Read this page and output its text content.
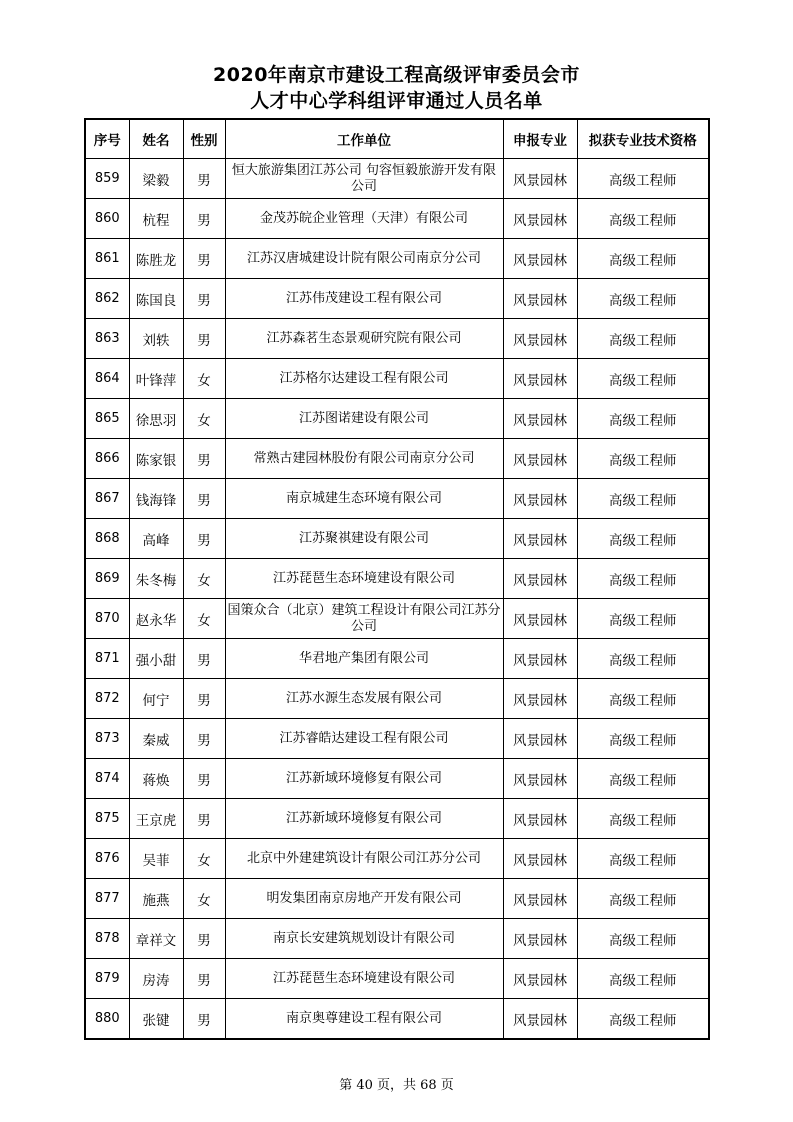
2020年南京市建设工程高级评审委员会市
人才中心学科组评审通过人员名单
序号	姓名	性别	工作单位	申报专业	拟获专业技术资格
859	梁毅	男	恒大旅游集团江苏公司 句容恒毅旅游开发有限公司	风景园林	高级工程师
860	杭程	男	金茂苏皖企业管理（天津）有限公司	风景园林	高级工程师
861	陈胜龙	男	江苏汉唐城建设计院有限公司南京分公司	风景园林	高级工程师
862	陈国良	男	江苏伟茂建设工程有限公司	风景园林	高级工程师
863	刘轶	男	江苏森茗生态景观研究院有限公司	风景园林	高级工程师
864	叶锋萍	女	江苏格尔达建设工程有限公司	风景园林	高级工程师
865	徐思羽	女	江苏图诺建设有限公司	风景园林	高级工程师
866	陈家银	男	常熟古建园林股份有限公司南京分公司	风景园林	高级工程师
867	钱海锋	男	南京城建生态环境有限公司	风景园林	高级工程师
868	高峰	男	江苏聚祺建设有限公司	风景园林	高级工程师
869	朱冬梅	女	江苏琵琶生态环境建设有限公司	风景园林	高级工程师
870	赵永华	女	国策众合（北京）建筑工程设计有限公司江苏分公司	风景园林	高级工程师
871	强小甜	男	华君地产集团有限公司	风景园林	高级工程师
872	何宁	男	江苏水源生态发展有限公司	风景园林	高级工程师
873	秦威	男	江苏睿皓达建设工程有限公司	风景园林	高级工程师
874	蒋焕	男	江苏新域环境修复有限公司	风景园林	高级工程师
875	王京虎	男	江苏新域环境修复有限公司	风景园林	高级工程师
876	吴菲	女	北京中外建建筑设计有限公司江苏分公司	风景园林	高级工程师
877	施燕	女	明发集团南京房地产开发有限公司	风景园林	高级工程师
878	章祥文	男	南京长安建筑规划设计有限公司	风景园林	高级工程师
879	房涛	男	江苏琵琶生态环境建设有限公司	风景园林	高级工程师
880	张键	男	南京奥尊建设工程有限公司	风景园林	高级工程师
第 40 页，共 68 页
